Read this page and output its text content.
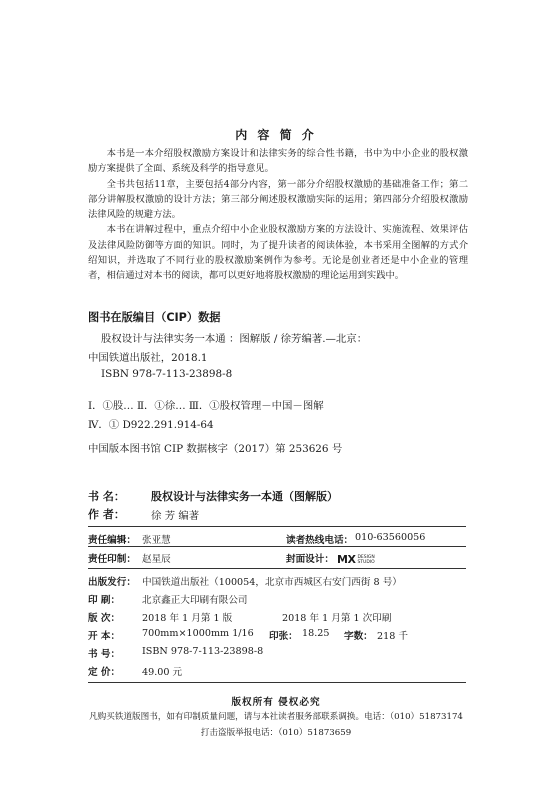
内 容 简 介

本书是一本介绍股权激励方案设计和法律实务的综合性书籍，书中为中小企业的股权激励方案提供了全面、系统及科学的指导意见。

全书共包括11章，主要包括4部分内容，第一部分介绍股权激励的基础准备工作；第二部分讲解股权激励的设计方法；第三部分阐述股权激励实际的运用；第四部分介绍股权激励法律风险的规避方法。

本书在讲解过程中，重点介绍中小企业股权激励方案的方法设计、实施流程、效果评估及法律风险防御等方面的知识。同时，为了提升读者的阅读体验，本书采用全图解的方式介绍知识，并选取了不同行业的股权激励案例作为参考。无论是创业者还是中小企业的管理者，相信通过对本书的阅读，都可以更好地将股权激励的理论运用到实践中。

图书在版编目（CIP）数据
股权设计与法律实务一本通 ：图解版 / 徐芳编著.—北京：
中国铁道出版社，2018.1
ISBN 978-7-113-23898-8
Ⅰ．①股… Ⅱ．①徐… Ⅲ．①股权管理－中国－图解
Ⅳ．① D922.291.914-64
中国版本图书馆 CIP 数据核字（2017）第 253626 号
书 名： 股权设计与法律实务一本通（图解版）
作 者：	徐 芳 编著
责任编辑： 张亚慧	读者热线电话： 010-63560056
责任印制： 赵星辰	封面设计： MX DESIGN
STUDIO
出版发行： 中国铁道出版社（100054，北京市西城区右安门西街 8 号）
印 刷： 北京鑫正大印刷有限公司
版 次： 2018 年 1 月第 1 版	2018 年 1 月第 1 次印刷
开 本： 700mm×1000mm 1/16 印张： 18.25 字数： 218 千
书 号： ISBN 978-7-113-23898-8
定 价： 49.00 元
版权所有 侵权必究
凡购买铁道版图书，如有印制质量问题，请与本社读者服务部联系调换。电话：（010）51873174
打击盗版举报电话：（010）51873659
